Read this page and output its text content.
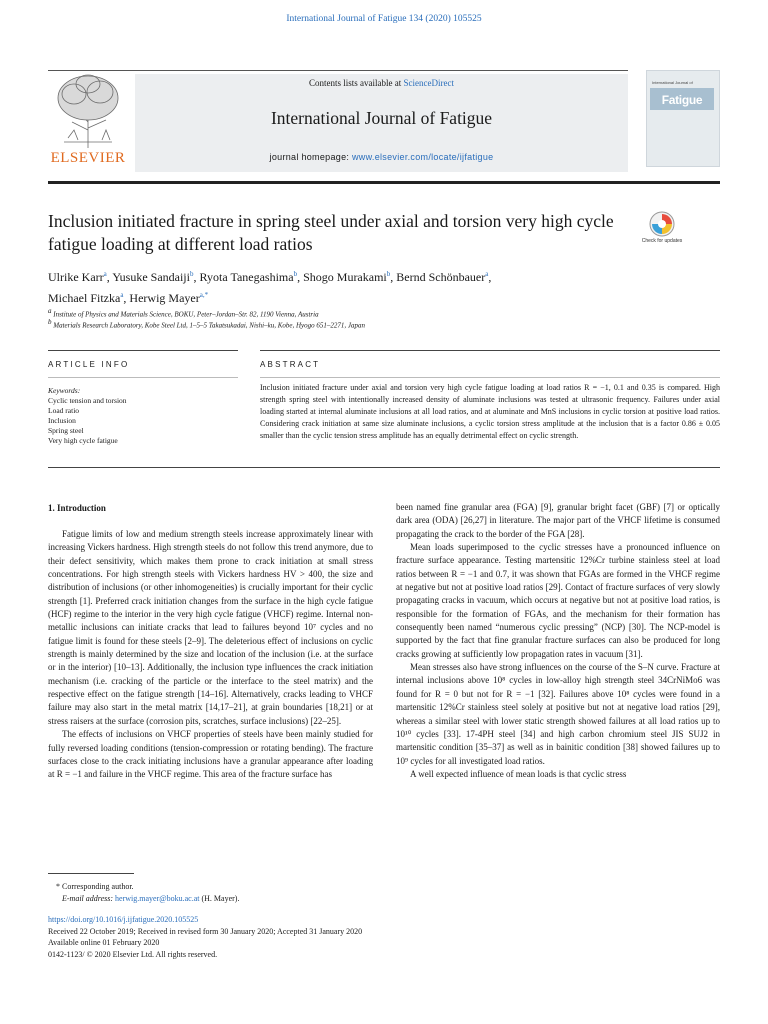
International Journal of Fatigue 134 (2020) 105525
ELSEVIER
Contents lists available at ScienceDirect
International Journal of Fatigue
journal homepage: www.elsevier.com/locate/ijfatigue
International Journal of
Fatigue
Inclusion initiated fracture in spring steel under axial and torsion very high cycle fatigue loading at different load ratios	Check for updates
Ulrike Karr$^a$, Yusuke Sandaiji$^b$, Ryota Tanegashima$^b$, Shogo Murakami$^b$, Bernd Schönbauer$^a$,
Michael Fitzka$^a$, Herwig Mayer$^{a,*}$
$^a$ Institute of Physics and Materials Science, BOKU, Peter–Jordan–Str. 82, 1190 Vienna, Austria
$^b$ Materials Research Laboratory, Kobe Steel Ltd, 1–5–5 Takatsukadai, Nishi–ku, Kobe, Hyogo 651–2271, Japan
ARTICLE INFO	ABSTRACT
Keywords:
Cyclic tension and torsion
Load ratio
Inclusion
Spring steel
Very high cycle fatigue
Inclusion initiated fracture under axial and torsion very high cycle fatigue loading at load ratios R = −1, 0.1 and 0.35 is compared. High strength spring steel with intentionally increased density of aluminate inclusions was tested at ultrasonic frequency. Failures under axial loading started at internal aluminate inclusions at all load ratios, and at aluminate and MnS inclusions in cyclic torsion at positive load ratios. Considering crack initiation at same size aluminate inclusions, a cyclic torsion stress amplitude at the inclusion that is a factor 0.86 ± 0.05 smaller than the cyclic tension stress amplitude has an equally detrimental effect on cyclic strength.
1. Introduction

Fatigue limits of low and medium strength steels increase approximately linear with increasing Vickers hardness. High strength steels do not follow this trend anymore, due to their defect sensitivity, which makes them prone to crack initiation at small stress concentrations. For high strength steels with Vickers hardness HV > 400, the size and distribution of inclusions (or other inhomogeneities) is crucially important for their cyclic strength [1]. Preferred crack initiation changes from the surface in the high cycle fatigue (HCF) regime to the interior in the very high cycle fatigue (VHCF) regime. Internal non-metallic inclusions can initiate cracks that lead to failures beyond 10⁷ cycles and no fatigue limit is found for these steels [2–9]. The deleterious effect of inclusions on cyclic strength is mainly determined by the size and location of the inclusion (i.e. at the surface or in the interior) [10–13]. Additionally, the inclusion type influences the crack initiation mechanism (i.e. cracking of the particle or the interface to the steel matrix) and the respective effect on the fatigue strength [14–16]. Alternatively, cracks leading to VHCF failure may also start in the metal matrix [14,17–21], at grain boundaries [18,21] or at stress raisers at the surface (corrosion pits, scratches, surface inclusions) [22–25].

The effects of inclusions on VHCF properties of steels have been mainly studied for fully reversed loading conditions (tension-compression or rotating bending). The fracture surfaces close to the crack initiating inclusions have a granular appearance after loading at R = −1 and failure in the VHCF regime. This area of the fracture surface has

been named fine granular area (FGA) [9], granular bright facet (GBF) [7] or optically dark area (ODA) [26,27] in literature. The major part of the VHCF lifetime is consumed propagating the crack to the border of the FGA [28].

Mean loads superimposed to the cyclic stresses have a pronounced influence on fracture surface appearance. Testing martensitic 12%Cr turbine stainless steel at load ratios between R = −1 and 0.7, it was shown that FGAs are formed in the VHCF regime at negative but not at positive load ratios [29]. Contact of fracture surfaces of very slowly propagating cracks in vacuum, which occurs at negative but not at positive load ratios, is responsible for the formation of FGAs, and the mechanism for their formation has consequently been named “numerous cyclic pressing” (NCP) [30]. The NCP-model is supported by the fact that fine granular fracture surfaces can also be produced for long cracks growing at sufficiently low propagation rates in vacuum [31].

Mean stresses also have strong influences on the course of the S–N curve. Fracture at internal inclusions above 10⁸ cycles in low-alloy high strength steel 34CrNiMo6 was found for R = 0 but not for R = −1 [32]. Failures above 10⁸ cycles were found in a martensitic 12%Cr stainless steel solely at positive but not at negative load ratios [29], whereas a similar steel with lower static strength showed failures at all load ratios up to 10¹⁰ cycles [33]. 17-4PH steel [34] and high carbon chromium steel JIS SUJ2 in martensitic condition [35–37] as well as in bainitic condition [38] showed failures up to 10⁹ cycles for all investigated load ratios.

A well expected influence of mean loads is that cyclic stress

* Corresponding author.
E-mail address: herwig.mayer@boku.ac.at (H. Mayer).
https://doi.org/10.1016/j.ijfatigue.2020.105525
Received 22 October 2019; Received in revised form 30 January 2020; Accepted 31 January 2020
Available online 01 February 2020
0142-1123/ © 2020 Elsevier Ltd. All rights reserved.
